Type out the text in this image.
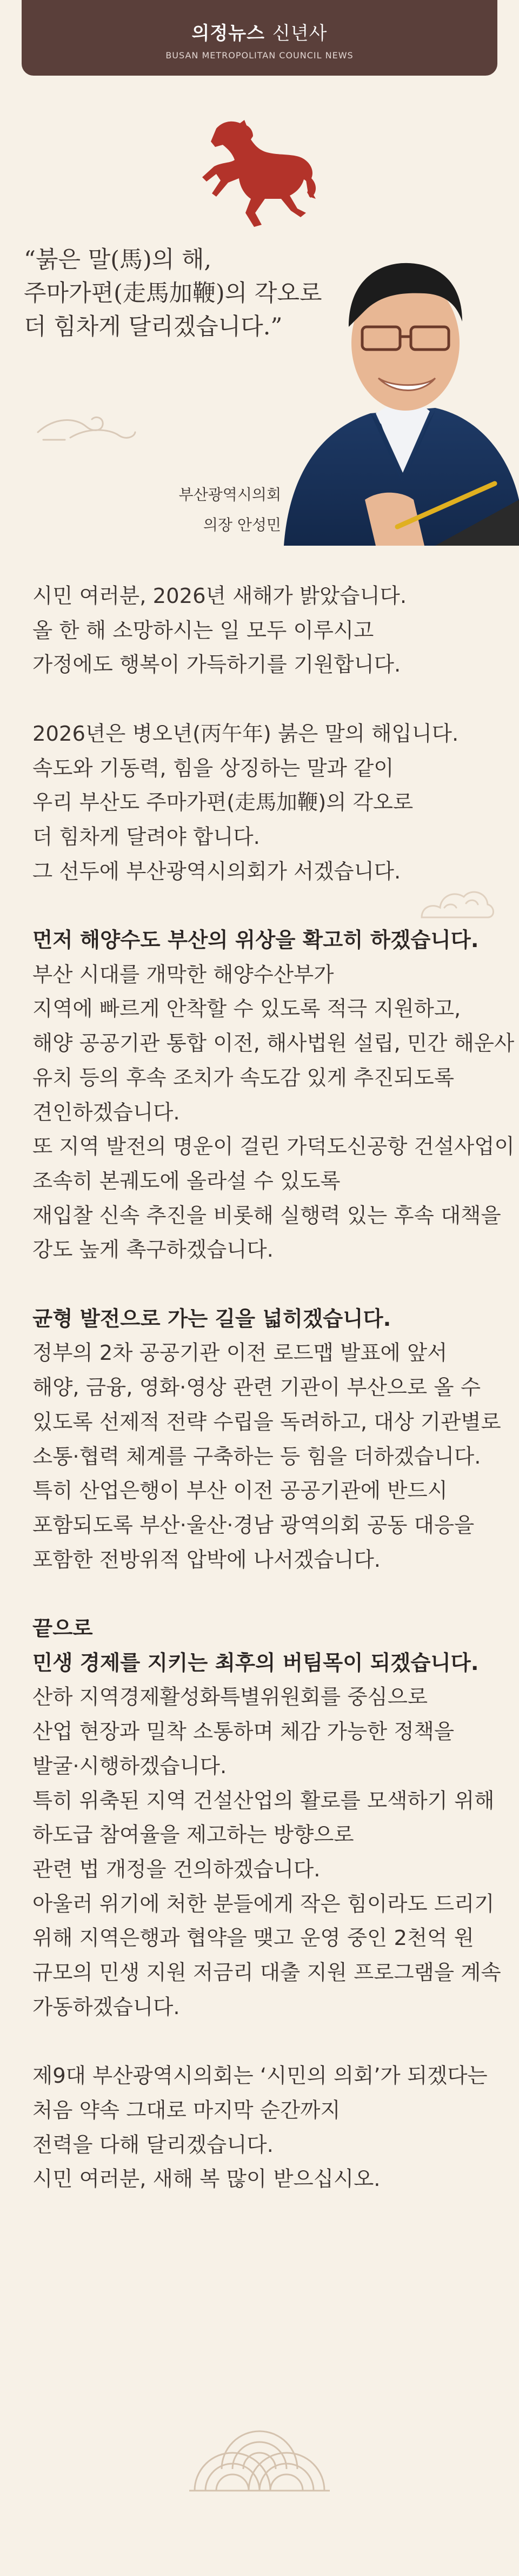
의정뉴스 신년사
BUSAN METROPOLITAN COUNCIL NEWS
“붉은 말(馬)의 해,
주마가편(走馬加鞭)의 각오로
더 힘차게 달리겠습니다.”
부산광역시의회
의장 안성민

시민 여러분, 2026년 새해가 밝았습니다.

올 한 해 소망하시는 일 모두 이루시고

가정에도 행복이 가득하기를 기원합니다.

2026년은 병오년(丙午年) 붉은 말의 해입니다.

속도와 기동력, 힘을 상징하는 말과 같이

우리 부산도 주마가편(走馬加鞭)의 각오로

더 힘차게 달려야 합니다.

그 선두에 부산광역시의회가 서겠습니다.

먼저 해양수도 부산의 위상을 확고히 하겠습니다.

부산 시대를 개막한 해양수산부가

지역에 빠르게 안착할 수 있도록 적극 지원하고,

해양 공공기관 통합 이전, 해사법원 설립, 민간 해운사

유치 등의 후속 조치가 속도감 있게 추진되도록

견인하겠습니다.

또 지역 발전의 명운이 걸린 가덕도신공항 건설사업이

조속히 본궤도에 올라설 수 있도록

재입찰 신속 추진을 비롯해 실행력 있는 후속 대책을

강도 높게 촉구하겠습니다.

균형 발전으로 가는 길을 넓히겠습니다.

정부의 2차 공공기관 이전 로드맵 발표에 앞서

해양, 금융, 영화·영상 관련 기관이 부산으로 올 수

있도록 선제적 전략 수립을 독려하고, 대상 기관별로

소통·협력 체계를 구축하는 등 힘을 더하겠습니다.

특히 산업은행이 부산 이전 공공기관에 반드시

포함되도록 부산·울산·경남 광역의회 공동 대응을

포함한 전방위적 압박에 나서겠습니다.

끝으로

민생 경제를 지키는 최후의 버팀목이 되겠습니다.

산하 지역경제활성화특별위원회를 중심으로

산업 현장과 밀착 소통하며 체감 가능한 정책을

발굴·시행하겠습니다.

특히 위축된 지역 건설산업의 활로를 모색하기 위해

하도급 참여율을 제고하는 방향으로

관련 법 개정을 건의하겠습니다.

아울러 위기에 처한 분들에게 작은 힘이라도 드리기

위해 지역은행과 협약을 맺고 운영 중인 2천억 원

규모의 민생 지원 저금리 대출 지원 프로그램을 계속

가동하겠습니다.

제9대 부산광역시의회는 ‘시민의 의회’가 되겠다는

처음 약속 그대로 마지막 순간까지

전력을 다해 달리겠습니다.

시민 여러분, 새해 복 많이 받으십시오.
